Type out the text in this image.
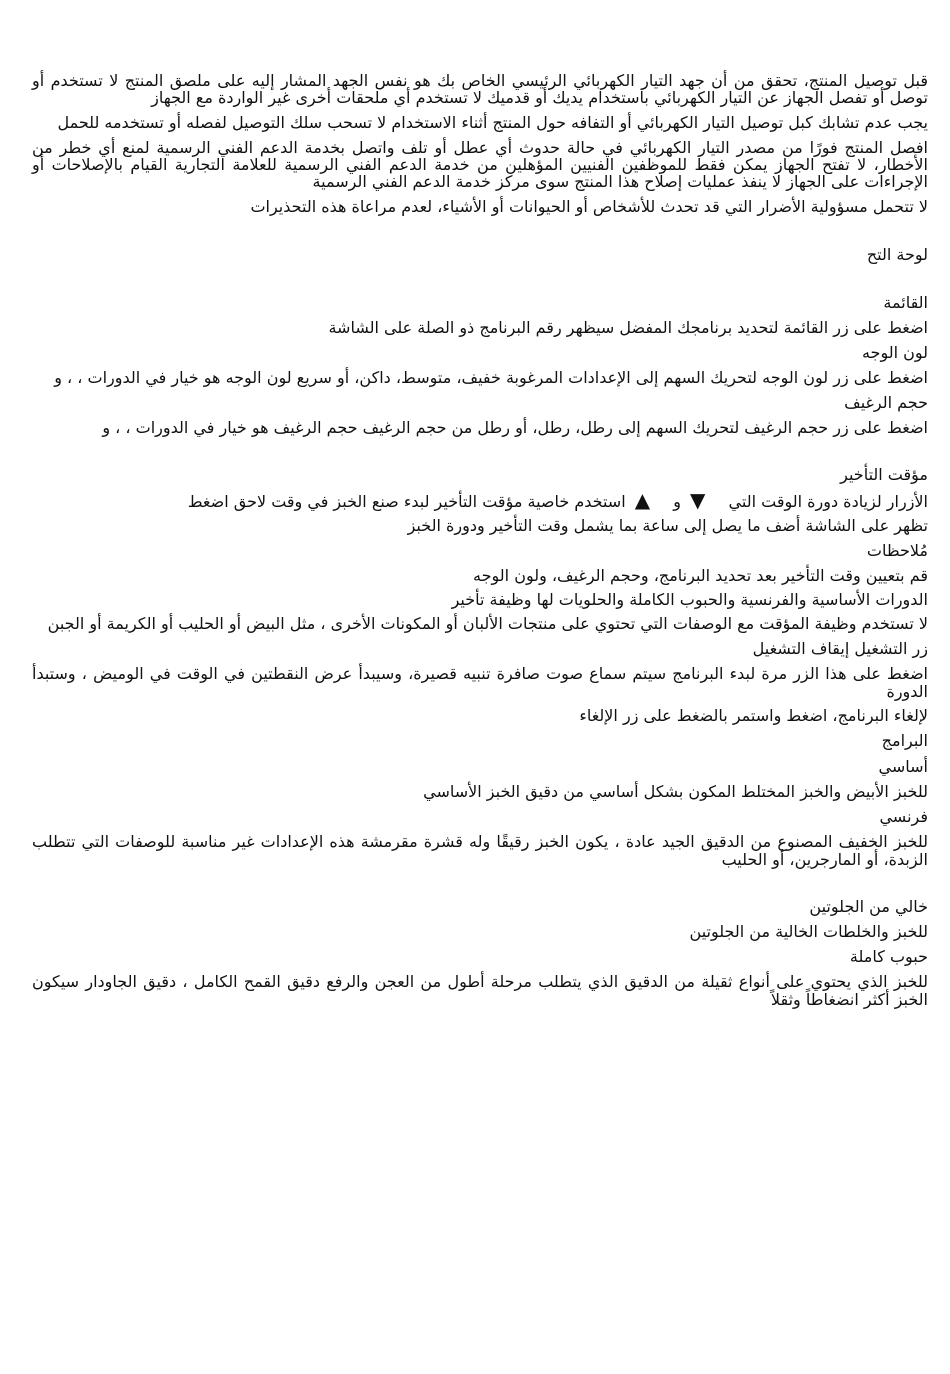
قبل توصيل المنتج، تحقق من أن جهد التيار الكهربائي الرئيسي الخاص بك هو نفس الجهد المشار إليه على ملصق المنتج لا تستخدم أو توصل أو تفصل الجهاز عن التيار الكهربائي باستخدام يديك أو قدميك لا تستخدم أي ملحقات أخرى غير الواردة مع الجهاز

يجب عدم تشابك كبل توصيل التيار الكهربائي أو التفافه حول المنتج أثناء الاستخدام لا تسحب سلك التوصيل لفصله أو تستخدمه للحمل

افصل المنتج فورًا من مصدر التيار الكهربائي في حالة حدوث أي عطل أو تلف واتصل بخدمة الدعم الفني الرسمية لمنع أي خطر من الأخطار، لا تفتح الجهاز يمكن فقط للموظفين الفنيين المؤهلين من خدمة الدعم الفني الرسمية للعلامة التجارية القيام بالإصلاحات أو الإجراءات على الجهاز لا ينفذ عمليات إصلاح هذا المنتج سوى مركز خدمة الدعم الفني الرسمية

لا تتحمل مسؤولية الأضرار التي قد تحدث للأشخاص أو الحيوانات أو الأشياء، لعدم مراعاة هذه التحذيرات

لوحة التح
القائمة

اضغط على زر القائمة لتحديد برنامجك المفضل سيظهر رقم البرنامج ذو الصلة على الشاشة

لون الوجه

اضغط على زر لون الوجه لتحريك السهم إلى الإعدادات المرغوبة خفيف، متوسط، داكن، أو سريع لون الوجه هو خيار في الدورات ، ، و

حجم الرغيف

اضغط على زر حجم الرغيف لتحريك السهم إلى رطل، رطل، أو رطل من حجم الرغيف حجم الرغيف هو خيار في الدورات ، ، و

مؤقت التأخير
الأزرار لزيادة دورة الوقت التي ▼ و ▲ استخدم خاصية مؤقت التأخير لبدء صنع الخبز في وقت لاحق اضغط

تظهر على الشاشة أضف ما يصل إلى ساعة بما يشمل وقت التأخير ودورة الخبز

مُلاحظات

قم بتعيين وقت التأخير بعد تحديد البرنامج، وحجم الرغيف، ولون الوجه

الدورات الأساسية والفرنسية والحبوب الكاملة والحلويات لها وظيفة تأخير

لا تستخدم وظيفة المؤقت مع الوصفات التي تحتوي على منتجات الألبان أو المكونات الأخرى ، مثل البيض أو الحليب أو الكريمة أو الجبن

زر التشغيل إيقاف التشغيل

اضغط على هذا الزر مرة لبدء البرنامج سيتم سماع صوت صافرة تنبيه قصيرة، وسيبدأ عرض النقطتين في الوقت في الوميض ، وستبدأ الدورة

لإلغاء البرنامج، اضغط واستمر بالضغط على زر الإلغاء

البرامج
أساسي

للخبز الأبيض والخبز المختلط المكون بشكل أساسي من دقيق الخبز الأساسي

فرنسي

للخبز الخفيف المصنوع من الدقيق الجيد عادة ، يكون الخبز رقيقًا وله قشرة مقرمشة هذه الإعدادات غير مناسبة للوصفات التي تتطلب الزبدة، أو المارجرين، أو الحليب

خالي من الجلوتين

للخبز والخلطات الخالية من الجلوتين

حبوب كاملة

للخبز الذي يحتوي على أنواع ثقيلة من الدقيق الذي يتطلب مرحلة أطول من العجن والرفع دقيق القمح الكامل ، دقيق الجاودار سيكون الخبز أكثر انضغاطاً وثقلاً
